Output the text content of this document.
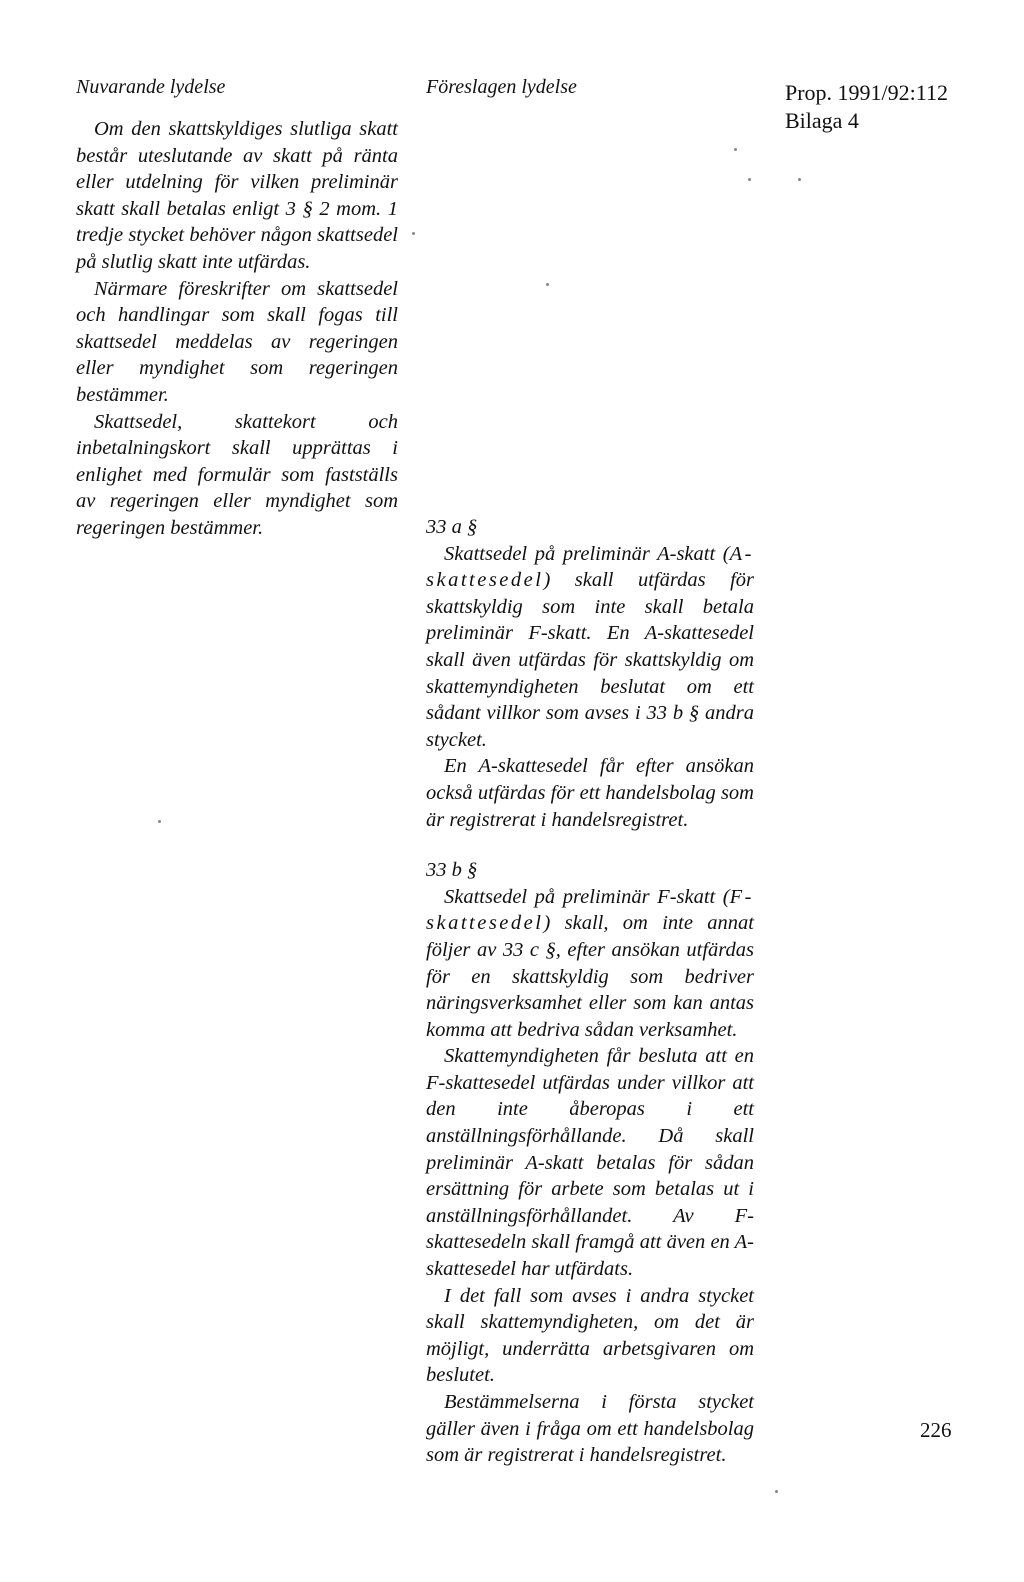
Nuvarande lydelse	Föreslagen lydelse	Prop. 1991/92:112
Bilaga 4

Om den skattskyldiges slutliga skatt består uteslutande av skatt på ränta eller utdelning för vilken preliminär skatt skall betalas enligt 3 § 2 mom. 1 tredje stycket behöver någon skattsedel på slutlig skatt inte utfärdas.

Närmare föreskrifter om skattsedel och handlingar som skall fogas till skattsedel meddelas av regeringen eller myndighet som regeringen bestämmer.

Skattsedel, skattekort och inbetalningskort skall upprättas i enlighet med formulär som fastställs av regeringen eller myndighet som regeringen bestämmer.	33 a §

Skattsedel på preliminär A-skatt (A-skattesedel) skall utfärdas för skattskyldig som inte skall betala preliminär F-skatt. En A-skattesedel skall även utfärdas för skattskyldig om skattemyndigheten beslutat om ett sådant villkor som avses i 33 b § andra stycket.

En A-skattesedel får efter ansökan också utfärdas för ett handelsbolag som är registrerat i handelsregistret.

33 b §

Skattsedel på preliminär F-skatt (F-skattesedel) skall, om inte annat följer av 33 c §, efter ansökan utfärdas för en skattskyldig som bedriver näringsverksamhet eller som kan antas komma att bedriva sådan verksamhet.

Skattemyndigheten får besluta att en F-skattesedel utfärdas under villkor att den inte åberopas i ett anställningsförhållande. Då skall preliminär A-skatt betalas för sådan ersättning för arbete som betalas ut i anställningsförhållandet. Av F-skattesedeln skall framgå att även en A-skattesedel har utfärdats.

I det fall som avses i andra stycket skall skattemyndigheten, om det är möjligt, underrätta arbetsgivaren om beslutet.

Bestämmelserna i första stycket gäller även i fråga om ett handelsbolag som är registrerat i handelsregistret.

226
